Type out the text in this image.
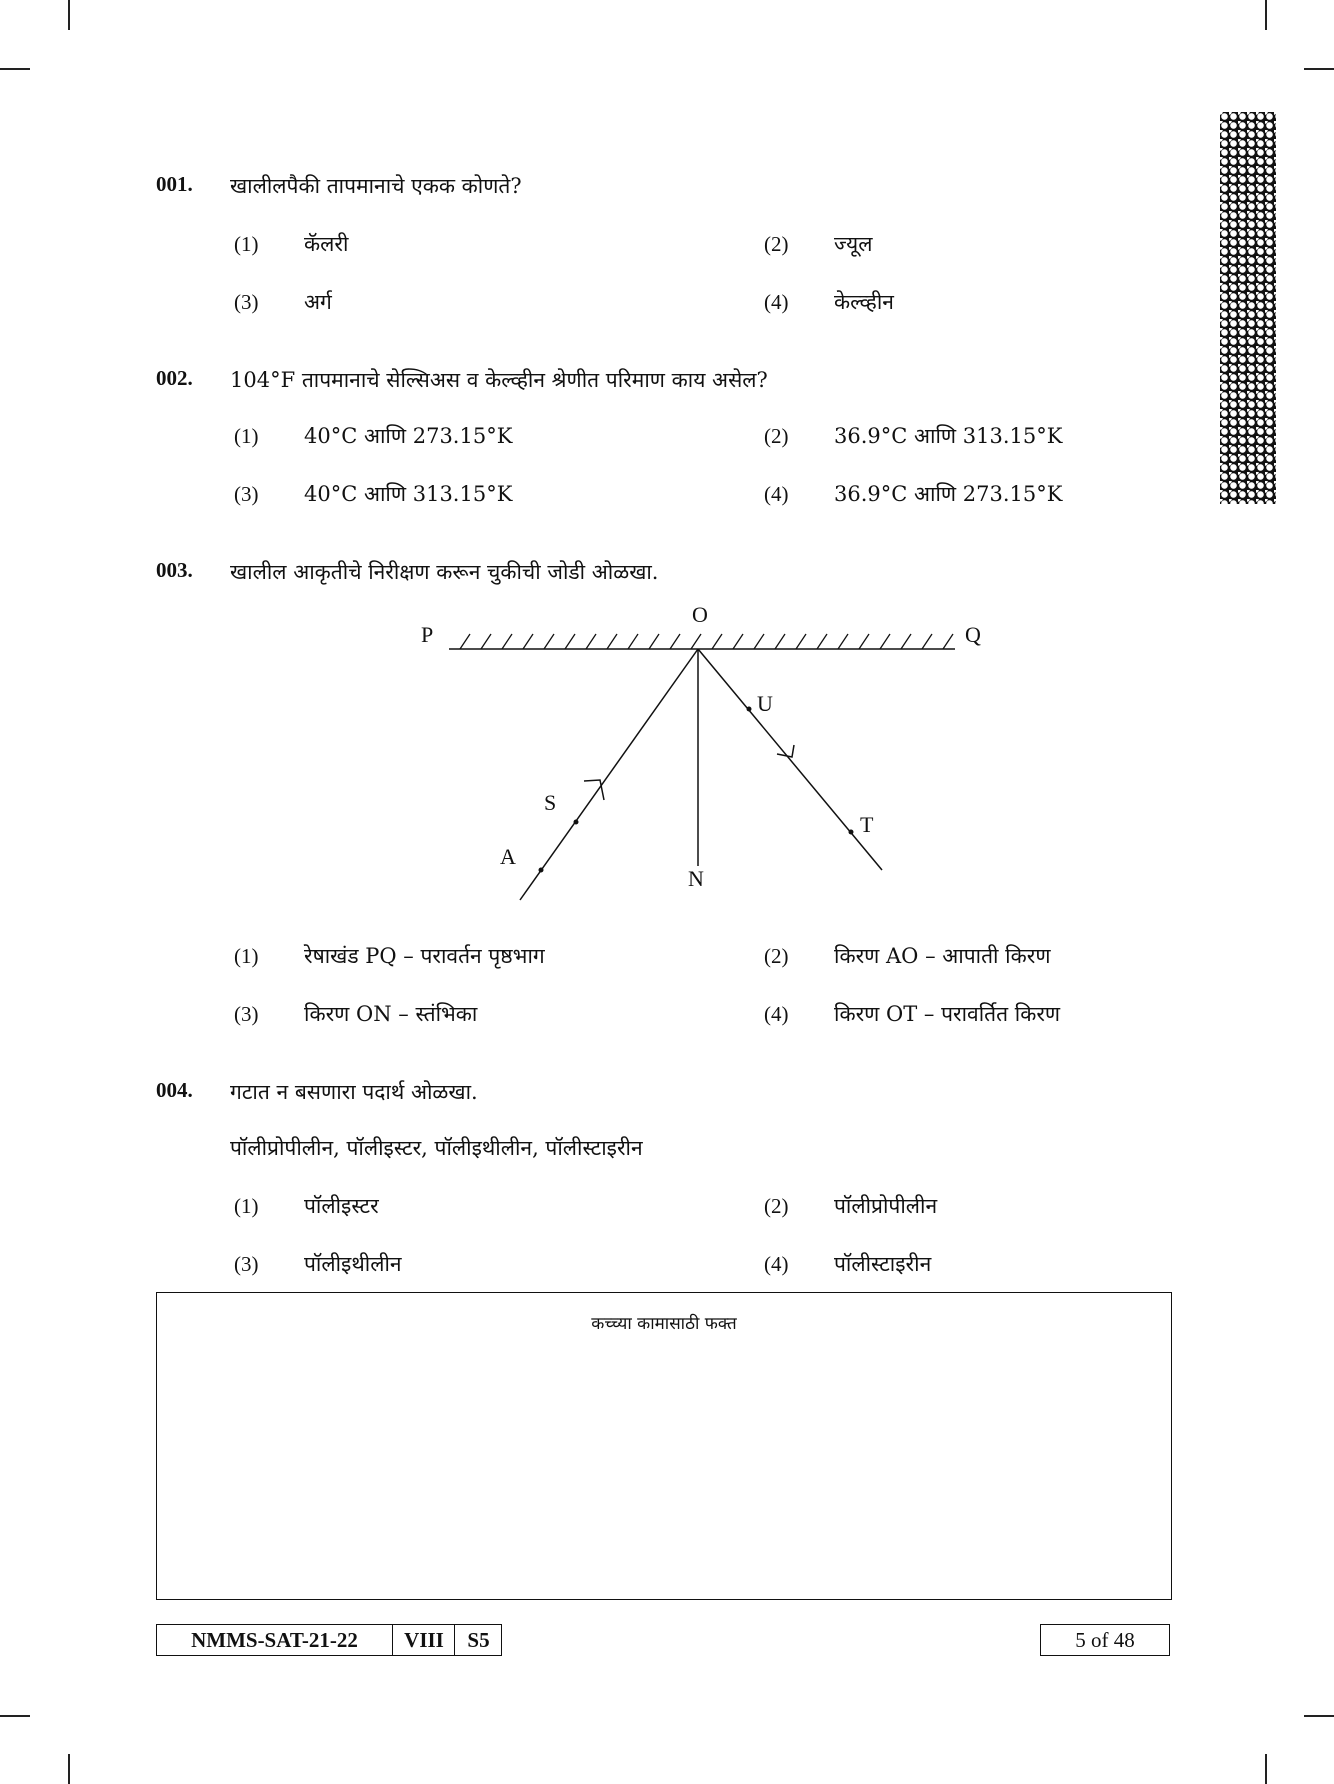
001. खालीलपैकी तापमानाचे एकक कोणते?
(1) कॅलरी	(2) ज्यूल
(3) अर्ग	(4) केल्व्हीन
002. 104°F तापमानाचे सेल्सिअस व केल्व्हीन श्रेणीत परिमाण काय असेल?
(1) 40°C आणि 273.15°K	(2) 36.9°C आणि 313.15°K
(3) 40°C आणि 313.15°K	(4) 36.9°C आणि 273.15°K
003. खालील आकृतीचे निरीक्षण करून चुकीची जोडी ओळखा.
P
O
Q
U
S
A
T
N
(1) रेषाखंड PQ – परावर्तन पृष्ठभाग	(2) किरण AO – आपाती किरण
(3) किरण ON – स्तंभिका	(4) किरण OT – परावर्तित किरण
004. गटात न बसणारा पदार्थ ओळखा.
पॉलीप्रोपीलीन, पॉलीइस्टर, पॉलीइथीलीन, पॉलीस्टाइरीन
(1) पॉलीइस्टर	(2) पॉलीप्रोपीलीन
(3) पॉलीइथीलीन	(4) पॉलीस्टाइरीन
कच्च्या कामासाठी फक्त
NMMS-SAT-21-22	VIII	S5	5 of 48
